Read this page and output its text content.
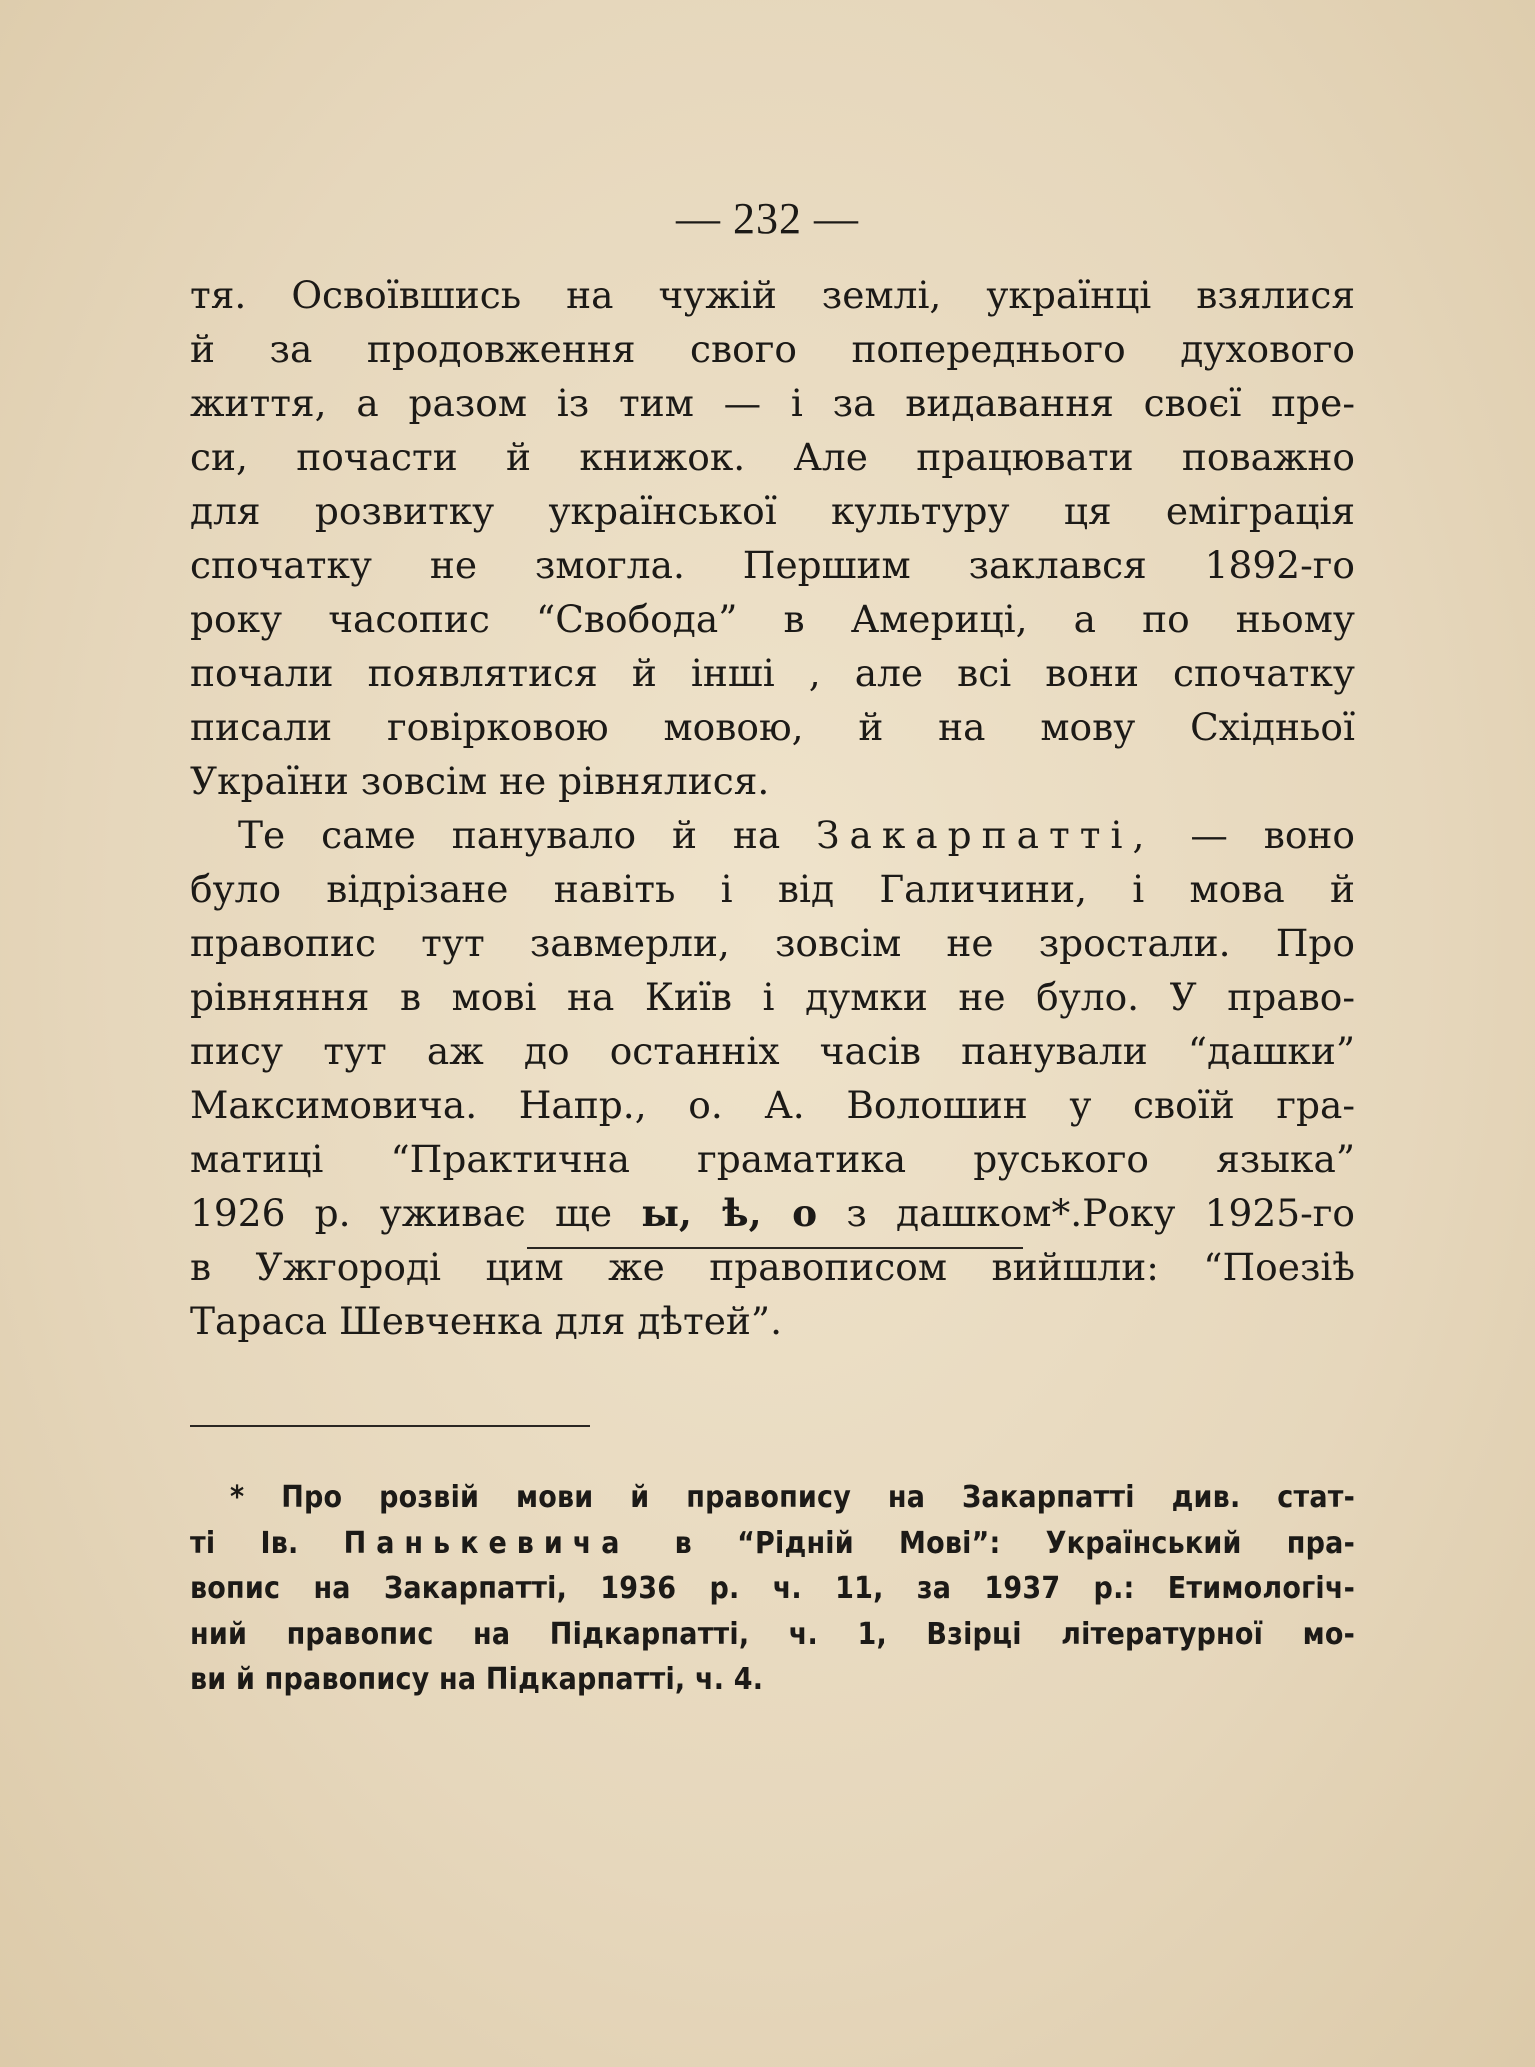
— 232 —
тя. Освоївшись на чужій землі, українці взялися
й за продовження свого попереднього духового
життя, а разом із тим — і за видавання своєї пре-
си, почасти й книжок. Але працювати поважно
для розвитку української культуру ця еміграція
спочатку не змогла. Першим заклався 1892-го
року часопис “Свобода” в Америці, а по ньому
почали появлятися й інші , але всі вони спочатку
писали говірковою мовою, й на мову Східньої
України зовсім не рівнялися.
Те саме панувало й на Закарпатті, — воно
було відрізане навіть і від Галичини, і мова й
правопис тут завмерли, зовсім не зростали. Про
рівняння в мові на Київ і думки не було. У право-
пису тут аж до останніх часів панували “дашки”
Максимовича. Напр., о. А. Волошин у своїй гра-
матиці “Практична граматика руського языка”
1926 р. уживає ще ы, ѣ, о з дашком*.Року 1925-го
в Ужгороді цим же правописом вийшли: “Поезіѣ
Тараса Шевченка для дѣтей”.
* Про розвій мови й правопису на Закарпатті див. стат-
ті Ів. Панькевича в “Рідній Мові”: Український пра-
вопис на Закарпатті, 1936 р. ч. 11, за 1937 р.: Етимологіч-
ний правопис на Підкарпатті, ч. 1, Взірці літературної мо-
ви й правопису на Підкарпатті, ч. 4.
